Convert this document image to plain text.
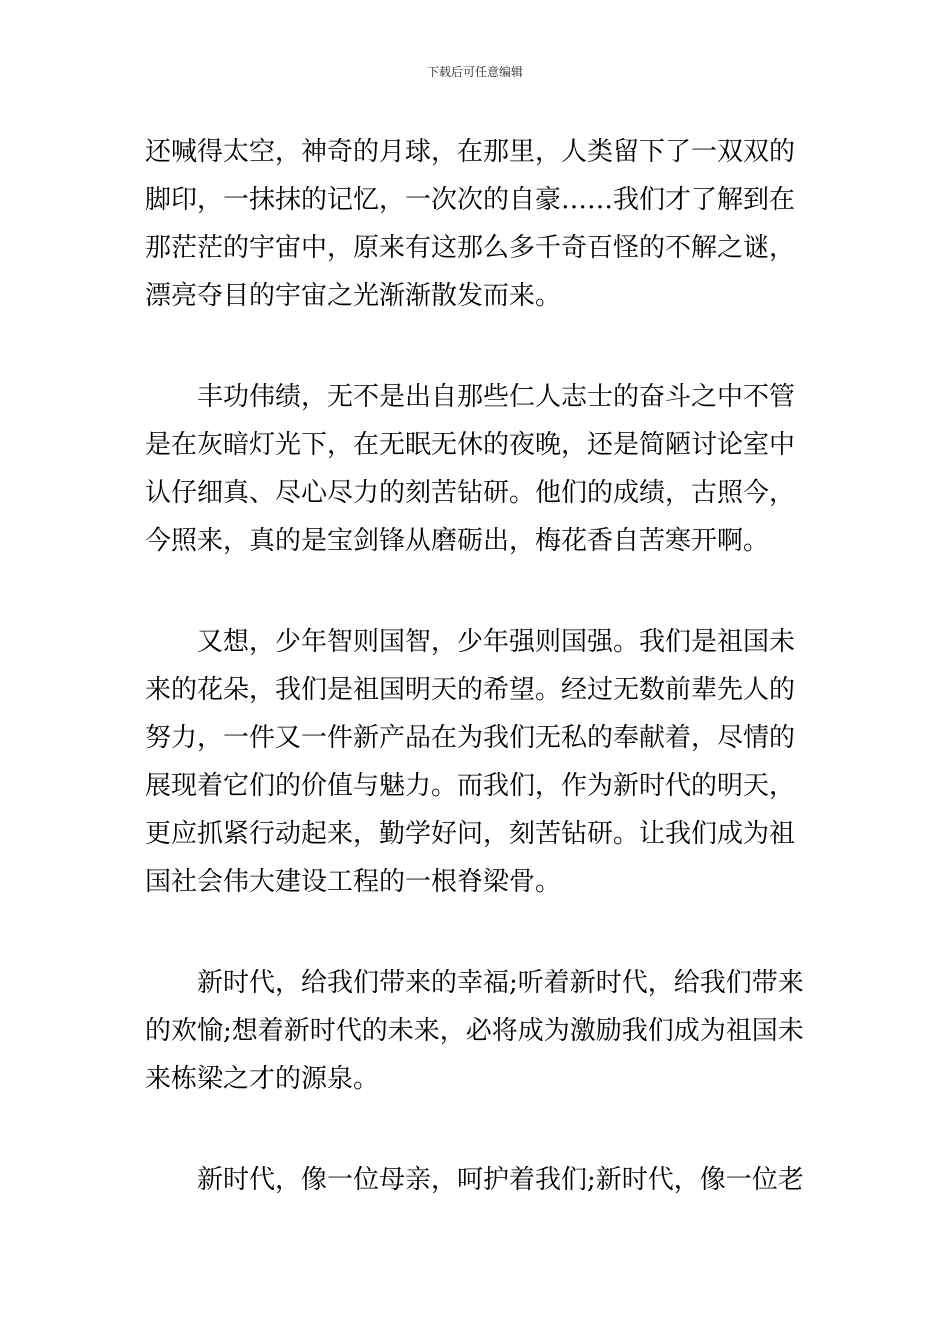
下载后可任意编辑
还喊得太空，神奇的月球，在那里，人类留下了一双双的
脚印，一抹抹的记忆，一次次的自豪……我们才了解到在
那茫茫的宇宙中，原来有这那么多千奇百怪的不解之谜，
漂亮夺目的宇宙之光渐渐散发而来。
丰功伟绩，无不是出自那些仁人志士的奋斗之中不管
是在灰暗灯光下，在无眠无休的夜晚，还是简陋讨论室中
认仔细真、尽心尽力的刻苦钻研。他们的成绩，古照今，
今照来，真的是宝剑锋从磨砺出，梅花香自苦寒开啊。
又想，少年智则国智，少年强则国强。我们是祖国未
来的花朵，我们是祖国明天的希望。经过无数前辈先人的
努力，一件又一件新产品在为我们无私的奉献着，尽情的
展现着它们的价值与魅力。而我们，作为新时代的明天，
更应抓紧行动起来，勤学好问，刻苦钻研。让我们成为祖
国社会伟大建设工程的一根脊梁骨。
新时代，给我们带来的幸福;听着新时代，给我们带来
的欢愉;想着新时代的未来，必将成为激励我们成为祖国未
来栋梁之才的源泉。
新时代，像一位母亲，呵护着我们;新时代，像一位老
